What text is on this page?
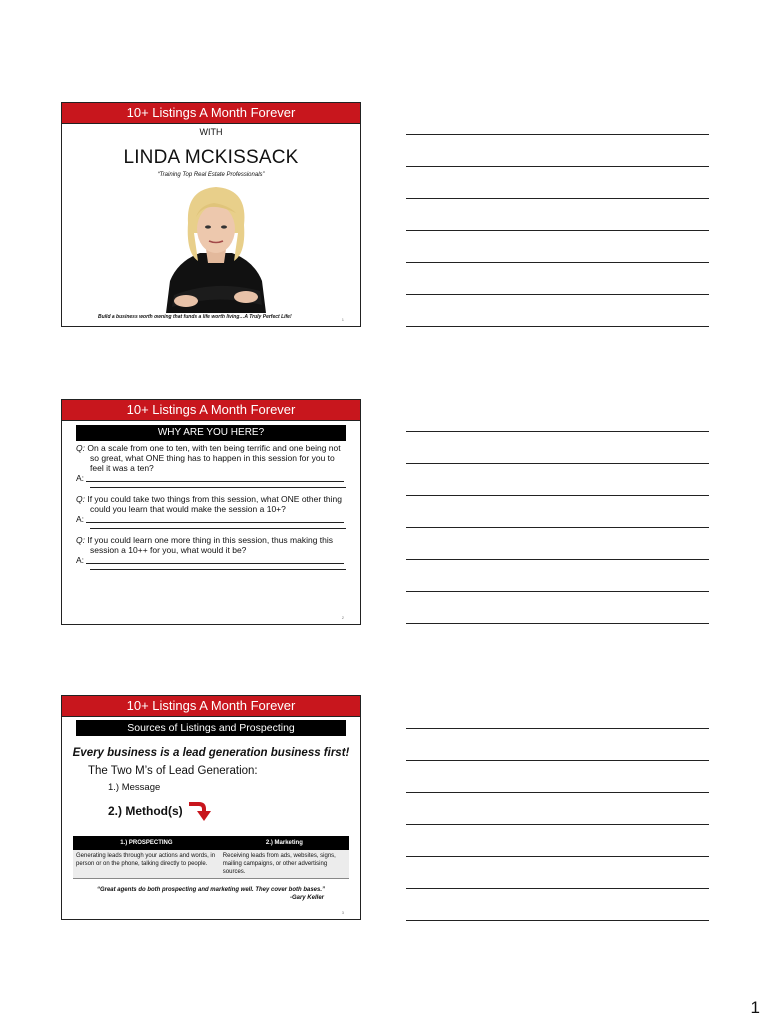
10+ Listings A Month Forever
WITH
LINDA MCKISSACK
“Training Top Real Estate Professionals”
Build a business worth owning that funds a life worth living…A Truly Perfect Life!	1
10+ Listings A Month Forever
WHY ARE YOU HERE?
Q: On a scale from one to ten, with ten being terrific and one being not so great, what ONE thing has to happen in this session for you to feel it was a ten?
A:
Q: If you could take two things from this session, what ONE other thing could you learn that would make the session a 10+?
A:
Q: If you could learn one more thing in this session, thus making this session a 10++ for you, what would it be?
A:
2
10+ Listings A Month Forever
Sources of Listings and Prospecting
Every business is a lead generation business first!
The Two M’s of Lead Generation:
1.) Message
2.) Method(s)
1.) PROSPECTING	2.) Marketing
Generating leads through your actions and words, in person or on the phone, talking directly to people.	Receiving leads from ads, websites, signs, mailing campaigns, or other advertising sources.
“Great agents do both prospecting and marketing well. They cover both bases.”
-Gary Keller
3
1
